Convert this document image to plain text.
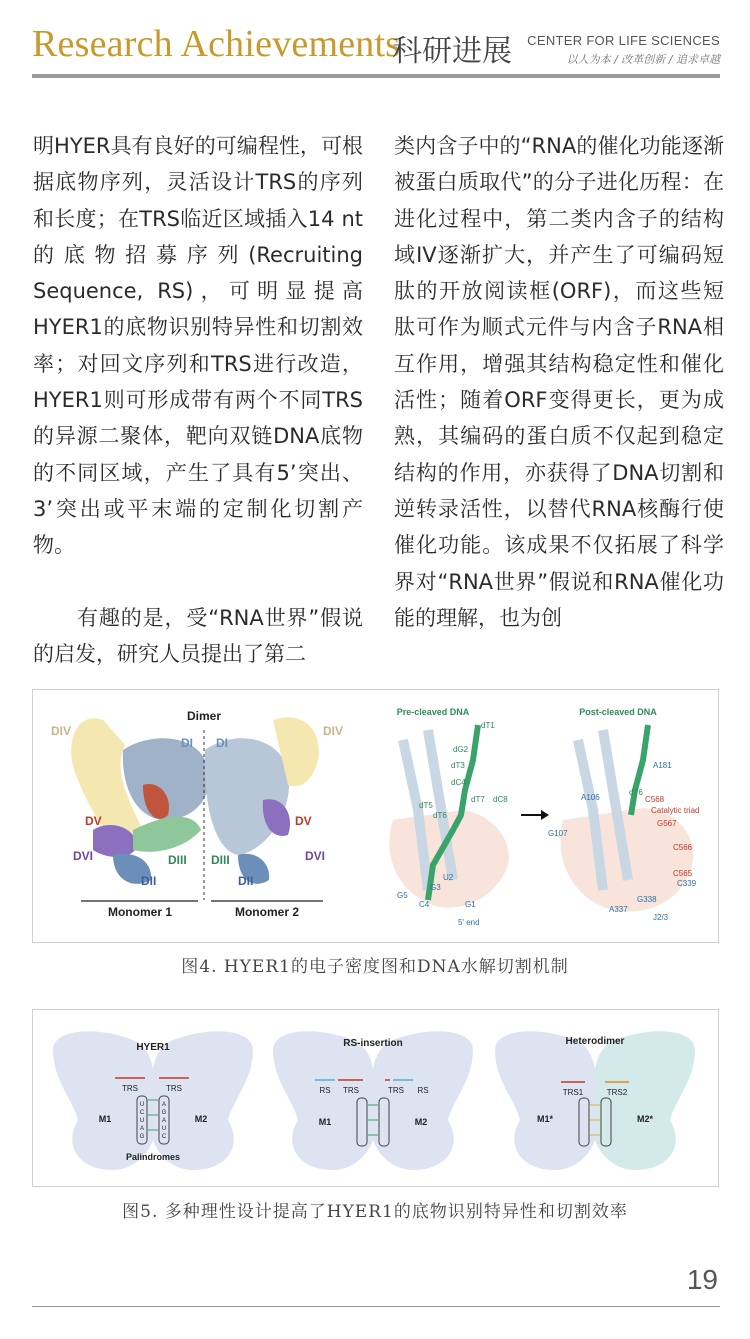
Research Achievements
科研进展 CENTER FOR LIFE SCIENCES
以人为本 ∕ 改革创新 ∕ 追求卓越

明HYER具有良好的可编程性，可根据底物序列，灵活设计TRS的序列和长度；在TRS临近区域插入14 nt的底物招募序列(Recruiting Sequence, RS)，可明显提高HYER1的底物识别特异性和切割效率；对回文序列和TRS进行改造，HYER1则可形成带有两个不同TRS的异源二聚体，靶向双链DNA底物的不同区域，产生了具有5’突出、3’突出或平末端的定制化切割产物。

有趣的是，受“RNA世界”假说的启发，研究人员提出了第二

类内含子中的“RNA的催化功能逐渐被蛋白质取代”的分子进化历程：在进化过程中，第二类内含子的结构域IV逐渐扩大，并产生了可编码短肽的开放阅读框(ORF)，而这些短肽可作为顺式元件与内含子RNA相互作用，增强其结构稳定性和催化活性；随着ORF变得更长，更为成熟，其编码的蛋白质不仅起到稳定结构的作用，亦获得了DNA切割和逆转录活性，以替代RNA核酶行使催化功能。该成果不仅拓展了科学界对“RNA世界”假说和RNA催化功能的理解，也为创

Dimer
DIV
DI
DV
DVI	DIII
DII
DI
DIV
DV
DVI
DIII
DII
Monomer 1	Monomer 2
Pre-cleaved DNA
dT1
dG2
dT3
dC4
dT5
dT7 dC8
dT6
U2
G3
G5
C4	G1
5' end
Post-cleaved DNA
A181
A106
dT6
C568
Catalytic triad
G567
G107
C566
C565
C339
G338
A337
J2/3
图4. HYER1的电子密度图和DNA水解切割机制
HYER1
TRS	TRS
U
C
U
A
G
A
G
A
U
C
M1	M2
Palindromes
RS-insertion
RS TRS	TRS RS
M1	M2
Heterodimer
TRS1	TRS2
M1*	M2*
图5. 多种理性设计提高了HYER1的底物识别特异性和切割效率
19
